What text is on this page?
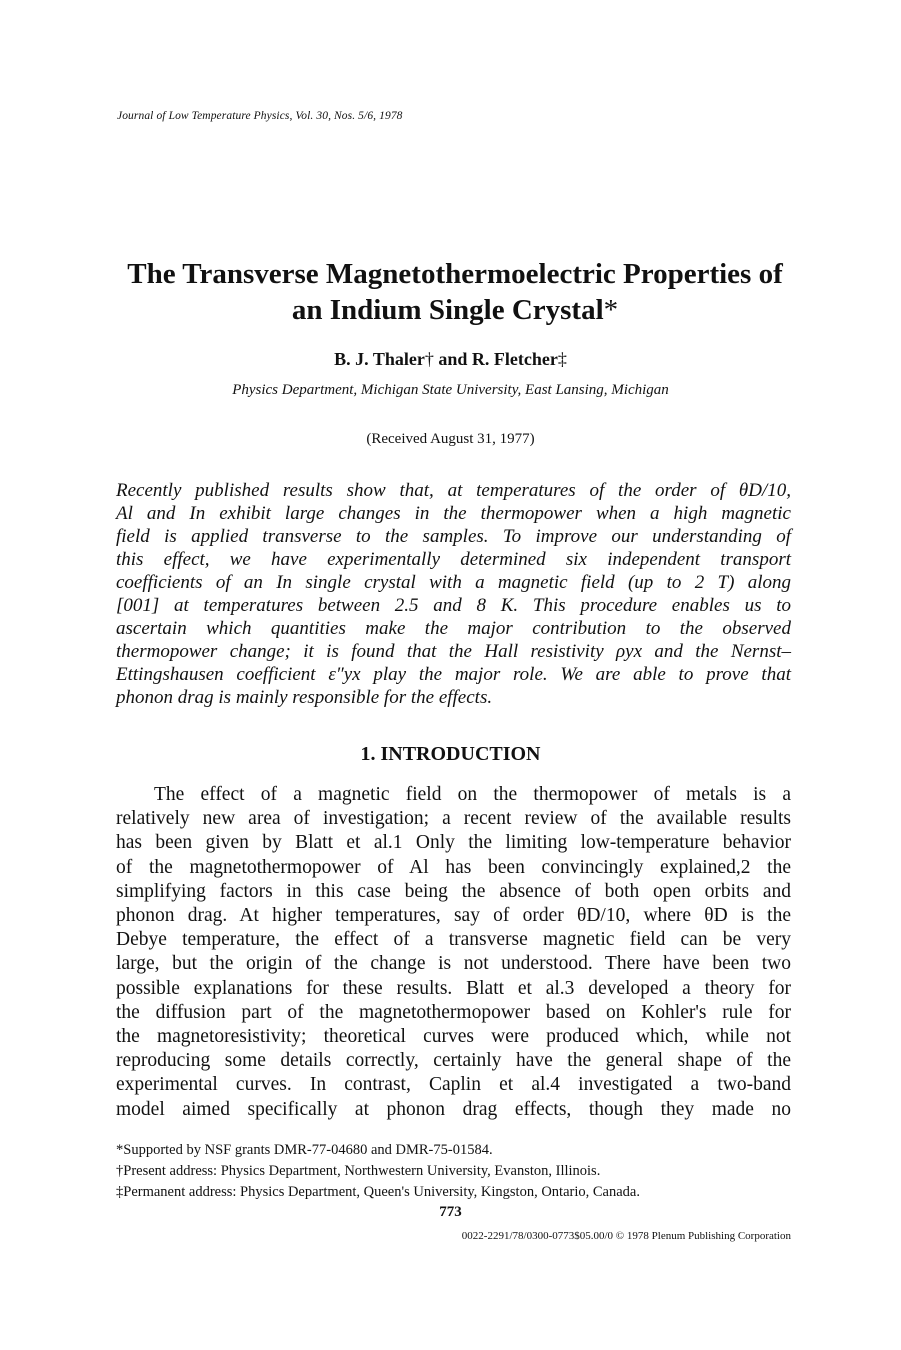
Journal of Low Temperature Physics, Vol. 30, Nos. 5/6, 1978
The Transverse Magnetothermoelectric Properties of
an Indium Single Crystal*
B. J. Thaler† and R. Fletcher‡
Physics Department, Michigan State University, East Lansing, Michigan
(Received August 31, 1977)
Recently published results show that, at temperatures of the order of θD/10,
Al and In exhibit large changes in the thermopower when a high magnetic
field is applied transverse to the samples. To improve our understanding of
this effect, we have experimentally determined six independent transport
coefficients of an In single crystal with a magnetic field (up to 2 T) along
[001] at temperatures between 2.5 and 8 K. This procedure enables us to
ascertain which quantities make the major contribution to the observed
thermopower change; it is found that the Hall resistivity ρyx and the Nernst–
Ettingshausen coefficient ε″yx play the major role. We are able to prove that
phonon drag is mainly responsible for the effects.
1. INTRODUCTION
The effect of a magnetic field on the thermopower of metals is a
relatively new area of investigation; a recent review of the available results
has been given by Blatt et al.1 Only the limiting low-temperature behavior
of the magnetothermopower of Al has been convincingly explained,2 the
simplifying factors in this case being the absence of both open orbits and
phonon drag. At higher temperatures, say of order θD/10, where θD is the
Debye temperature, the effect of a transverse magnetic field can be very
large, but the origin of the change is not understood. There have been two
possible explanations for these results. Blatt et al.3 developed a theory for
the diffusion part of the magnetothermopower based on Kohler's rule for
the magnetoresistivity; theoretical curves were produced which, while not
reproducing some details correctly, certainly have the general shape of the
experimental curves. In contrast, Caplin et al.4 investigated a two-band
model aimed specifically at phonon drag effects, though they made no
*Supported by NSF grants DMR-77-04680 and DMR-75-01584.
†Present address: Physics Department, Northwestern University, Evanston, Illinois.
‡Permanent address: Physics Department, Queen's University, Kingston, Ontario, Canada.
773
0022-2291/78/0300-0773$05.00/0 © 1978 Plenum Publishing Corporation
